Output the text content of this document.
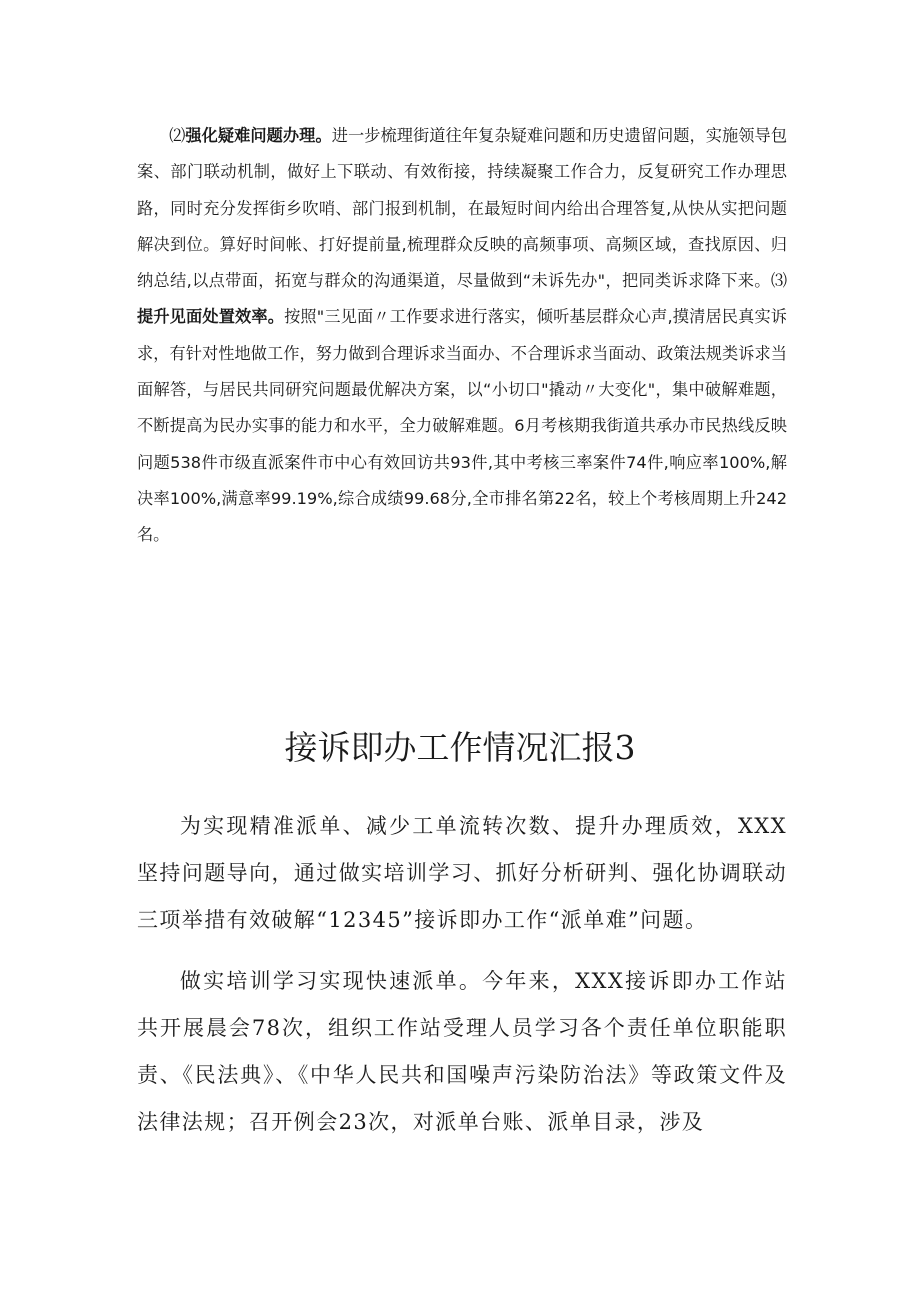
⑵强化疑难问题办理。进一步梳理街道往年复杂疑难问题和历史遗留问题，实施领导包案、部门联动机制，做好上下联动、有效衔接，持续凝聚工作合力，反复研究工作办理思路，同时充分发挥街乡吹哨、部门报到机制，在最短时间内给出合理答复,从快从实把问题解决到位。算好时间帐、打好提前量,梳理群众反映的高频事项、高频区域，查找原因、归纳总结,以点带面，拓宽与群众的沟通渠道，尽量做到“未诉先办"，把同类诉求降下来。⑶提升见面处置效率。按照"三见面〃工作要求进行落实，倾听基层群众心声,摸清居民真实诉求，有针对性地做工作，努力做到合理诉求当面办、不合理诉求当面动、政策法规类诉求当面解答，与居民共同研究问题最优解决方案，以“小切口"撬动〃大变化"，集中破解难题，不断提高为民办实事的能力和水平，全力破解难题。6月考核期我街道共承办市民热线反映问题538件市级直派案件市中心有效回访共93件,其中考核三率案件74件,响应率100%,解决率100%,满意率99.19%,综合成绩99.68分,全市排名第22名，较上个考核周期上升242名。
接诉即办工作情况汇报3
为实现精准派单、减少工单流转次数、提升办理质效，XXX坚持问题导向，通过做实培训学习、抓好分析研判、强化协调联动三项举措有效破解“12345”接诉即办工作“派单难”问题。
做实培训学习实现快速派单。今年来，XXX接诉即办工作站共开展晨会78次，组织工作站受理人员学习各个责任单位职能职责、《民法典》、《中华人民共和国噪声污染防治法》等政策文件及法律法规；召开例会23次，对派单台账、派单目录，涉及
